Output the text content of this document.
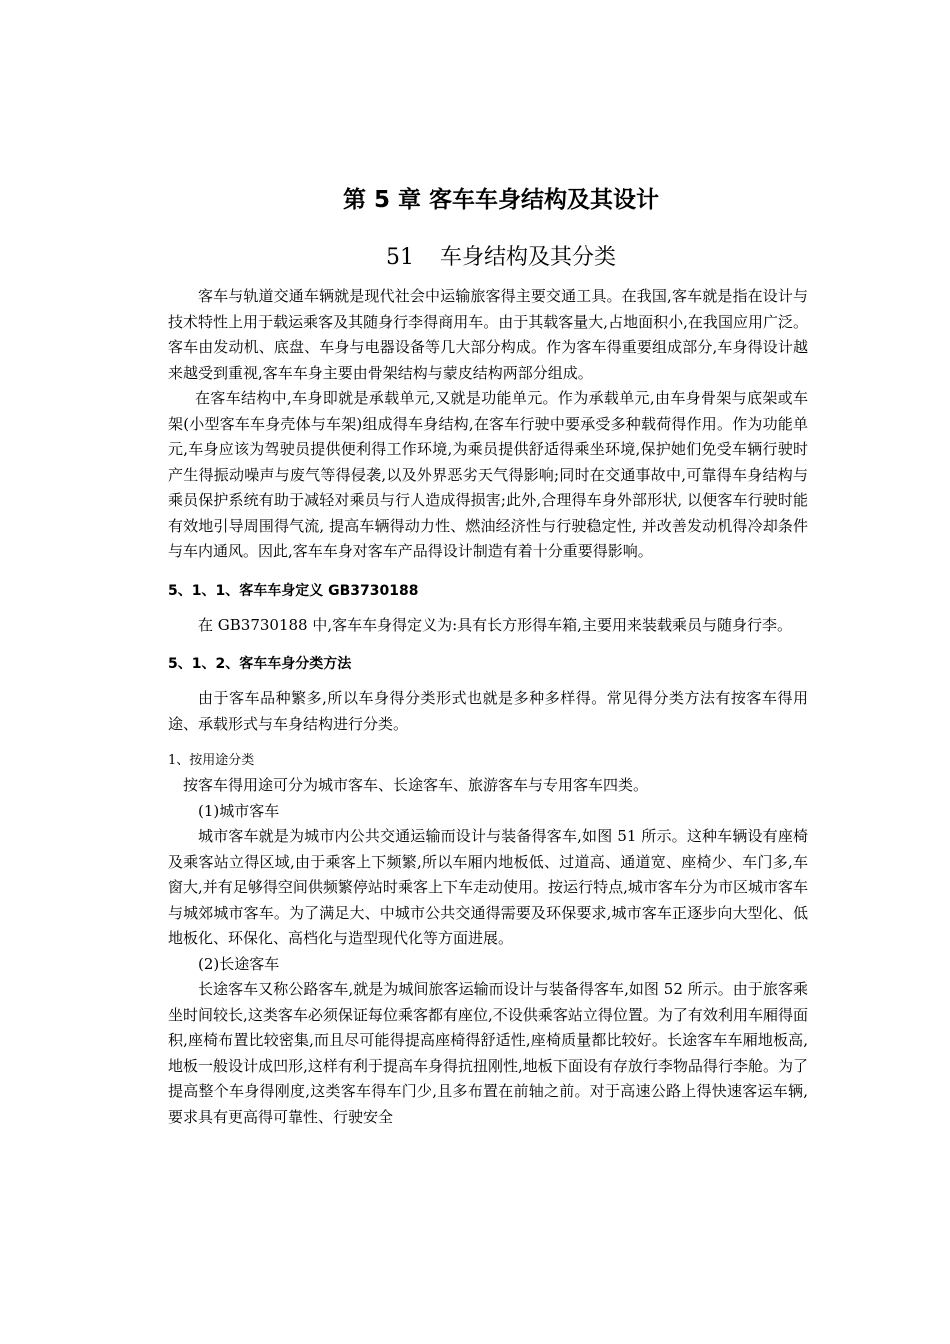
第 5 章 客车车身结构及其设计
51 车身结构及其分类

客车与轨道交通车辆就是现代社会中运输旅客得主要交通工具。在我国,客车就是指在设计与技术特性上用于载运乘客及其随身行李得商用车。由于其载客量大,占地面积小,在我国应用广泛。客车由发动机、底盘、车身与电器设备等几大部分构成。作为客车得重要组成部分,车身得设计越来越受到重视,客车车身主要由骨架结构与蒙皮结构两部分组成。

在客车结构中,车身即就是承载单元,又就是功能单元。作为承载单元,由车身骨架与底架或车架(小型客车车身壳体与车架)组成得车身结构,在客车行驶中要承受多种载荷得作用。作为功能单元,车身应该为驾驶员提供便利得工作环境,为乘员提供舒适得乘坐环境,保护她们免受车辆行驶时产生得振动噪声与废气等得侵袭,以及外界恶劣天气得影响;同时在交通事故中,可靠得车身结构与乘员保护系统有助于减轻对乘员与行人造成得损害;此外,合理得车身外部形状, 以便客车行驶时能有效地引导周围得气流, 提高车辆得动力性、燃油经济性与行驶稳定性, 并改善发动机得冷却条件与车内通风。因此,客车车身对客车产品得设计制造有着十分重要得影响。

5、1、1、客车车身定义 GB3730188

在 GB3730188 中,客车车身得定义为:具有长方形得车箱,主要用来装载乘员与随身行李。

5、1、2、客车车身分类方法

由于客车品种繁多,所以车身得分类形式也就是多种多样得。常见得分类方法有按客车得用途、承载形式与车身结构进行分类。

1、按用途分类

按客车得用途可分为城市客车、长途客车、旅游客车与专用客车四类。

(1)城市客车

城市客车就是为城市内公共交通运输而设计与装备得客车,如图 51 所示。这种车辆设有座椅及乘客站立得区域,由于乘客上下频繁,所以车厢内地板低、过道高、通道宽、座椅少、车门多,车窗大,并有足够得空间供频繁停站时乘客上下车走动使用。按运行特点,城市客车分为市区城市客车与城郊城市客车。为了满足大、中城市公共交通得需要及环保要求,城市客车正逐步向大型化、低地板化、环保化、高档化与造型现代化等方面进展。

(2)长途客车

长途客车又称公路客车,就是为城间旅客运输而设计与装备得客车,如图 52 所示。由于旅客乘坐时间较长,这类客车必须保证每位乘客都有座位,不设供乘客站立得位置。为了有效利用车厢得面积,座椅布置比较密集,而且尽可能得提高座椅得舒适性,座椅质量都比较好。长途客车车厢地板高,地板一般设计成凹形,这样有利于提高车身得抗扭刚性,地板下面设有存放行李物品得行李舱。为了提高整个车身得刚度,这类客车得车门少,且多布置在前轴之前。对于高速公路上得快速客运车辆,要求具有更高得可靠性、行驶安全
